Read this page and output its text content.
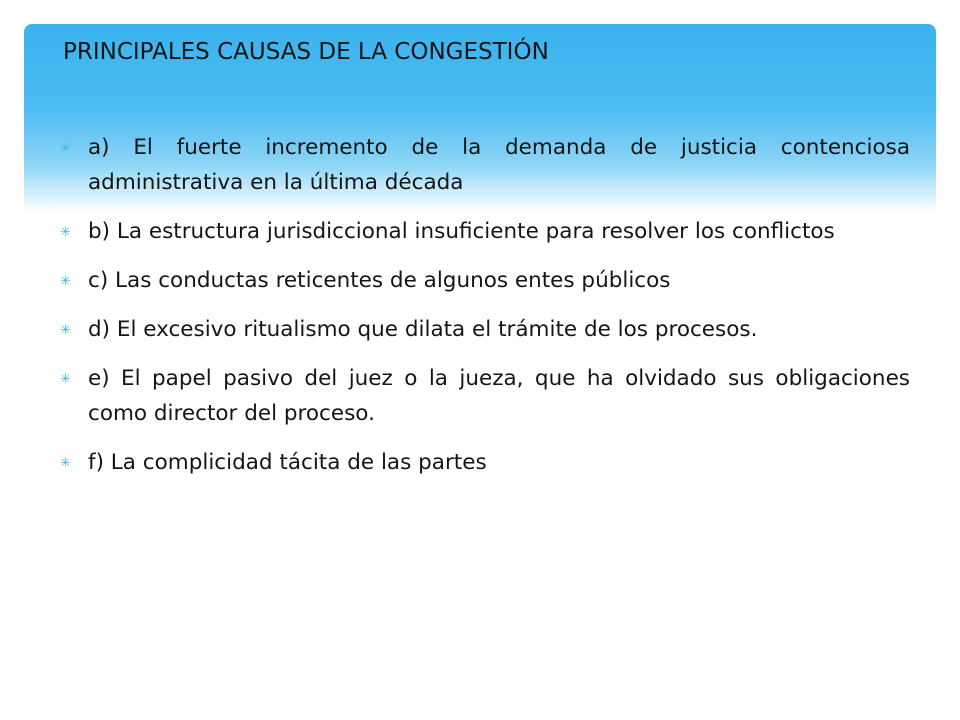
PRINCIPALES CAUSAS DE LA CONGESTIÓN
✳ a) El fuerte incremento de la demanda de justicia contenciosa administrativa en la última década
✳ b) La estructura jurisdiccional insuficiente para resolver los conflictos
✳ c) Las conductas reticentes de algunos entes públicos
✳ d) El excesivo ritualismo que dilata el trámite de los procesos.
✳ e) El papel pasivo del juez o la jueza, que ha olvidado sus obligaciones como director del proceso.
✳ f) La complicidad tácita de las partes
